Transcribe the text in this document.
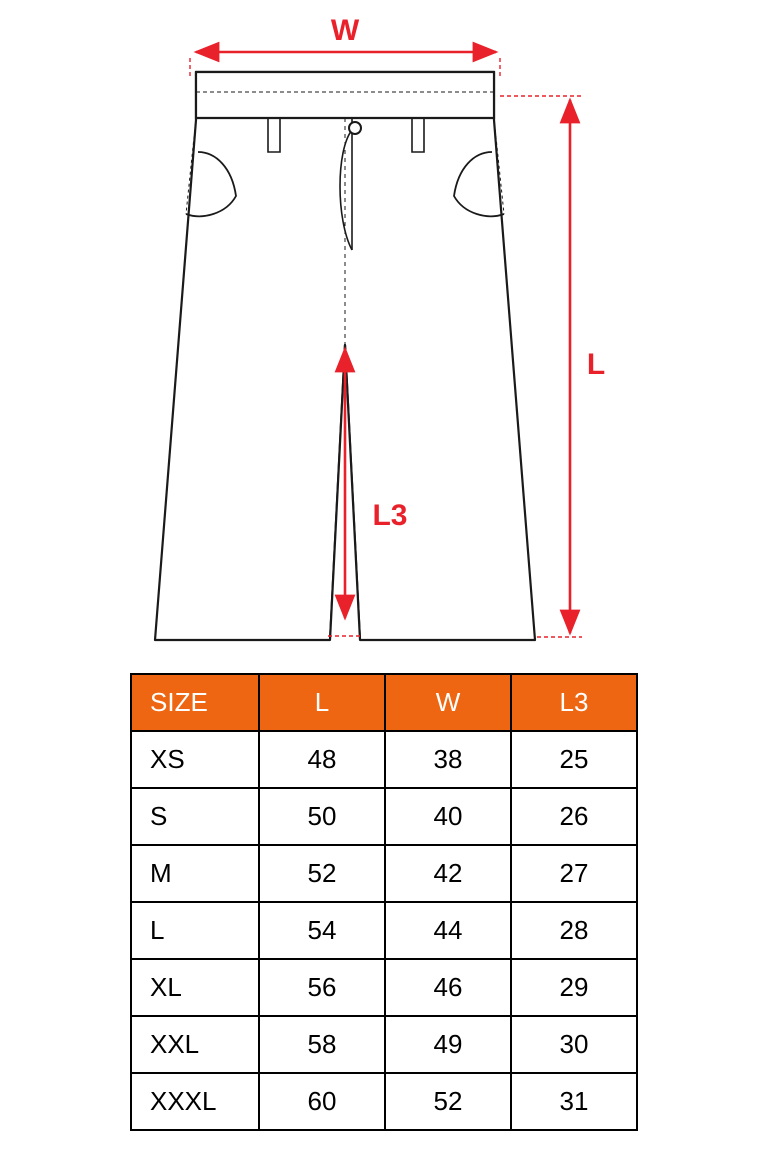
W
L
L3
SIZE	L	W	L3
XS	48	38	25
S	50	40	26
M	52	42	27
L	54	44	28
XL	56	46	29
XXL	58	49	30
XXXL	60	52	31
